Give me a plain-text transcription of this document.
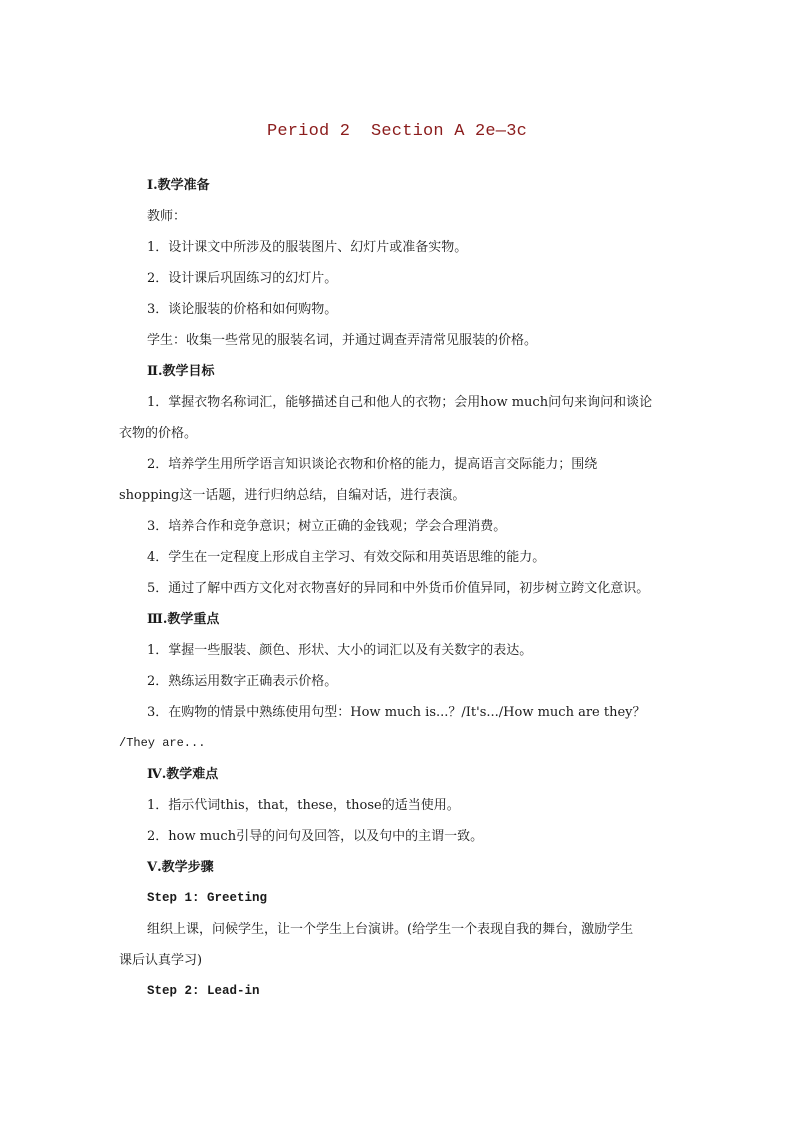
Period 2  Section A 2e—3c
Ⅰ.教学准备
教师：
1．设计课文中所涉及的服装图片、幻灯片或准备实物。
2．设计课后巩固练习的幻灯片。
3．谈论服装的价格和如何购物。
学生：收集一些常见的服装名词，并通过调查弄清常见服装的价格。
Ⅱ.教学目标
1．掌握衣物名称词汇，能够描述自己和他人的衣物；会用how much问句来询问和谈论
衣物的价格。
2．培养学生用所学语言知识谈论衣物和价格的能力，提高语言交际能力；围绕
shopping这一话题，进行归纳总结，自编对话，进行表演。
3．培养合作和竞争意识；树立正确的金钱观；学会合理消费。
4．学生在一定程度上形成自主学习、有效交际和用英语思维的能力。
5．通过了解中西方文化对衣物喜好的异同和中外货币价值异同，初步树立跨文化意识。
Ⅲ.教学重点
1．掌握一些服装、颜色、形状、大小的词汇以及有关数字的表达。
2．熟练运用数字正确表示价格。
3．在购物的情景中熟练使用句型：How much is...？/It's.../How much are they？
/They are...
Ⅳ.教学难点
1．指示代词this，that，these，those的适当使用。
2．how much引导的问句及回答，以及句中的主谓一致。
Ⅴ.教学步骤
Step 1: Greeting
组织上课，问候学生，让一个学生上台演讲。(给学生一个表现自我的舞台，激励学生
课后认真学习)
Step 2: Lead-in
